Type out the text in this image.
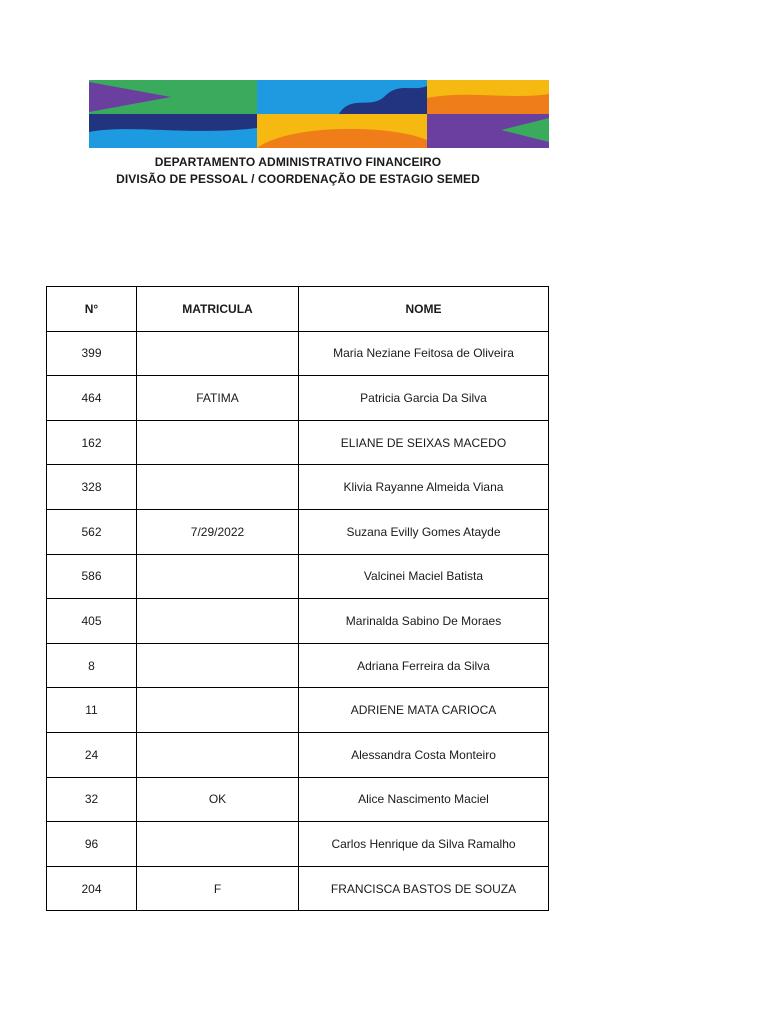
DEPARTAMENTO ADMINISTRATIVO FINANCEIRO
DIVISÃO DE PESSOAL / COORDENAÇÃO DE ESTAGIO SEMED
N°	MATRICULA	NOME
399		Maria Neziane Feitosa de Oliveira
464	FATIMA	Patricia Garcia Da Silva
162		ELIANE DE SEIXAS MACEDO
328		Klivia Rayanne Almeida Viana
562	7/29/2022	Suzana Evilly Gomes Atayde
586		Valcinei Maciel Batista
405		Marinalda Sabino De Moraes
8		Adriana Ferreira da Silva
11		ADRIENE MATA CARIOCA
24		Alessandra Costa Monteiro
32	OK	Alice Nascimento Maciel
96		Carlos Henrique da Silva Ramalho
204	F	FRANCISCA BASTOS DE SOUZA
